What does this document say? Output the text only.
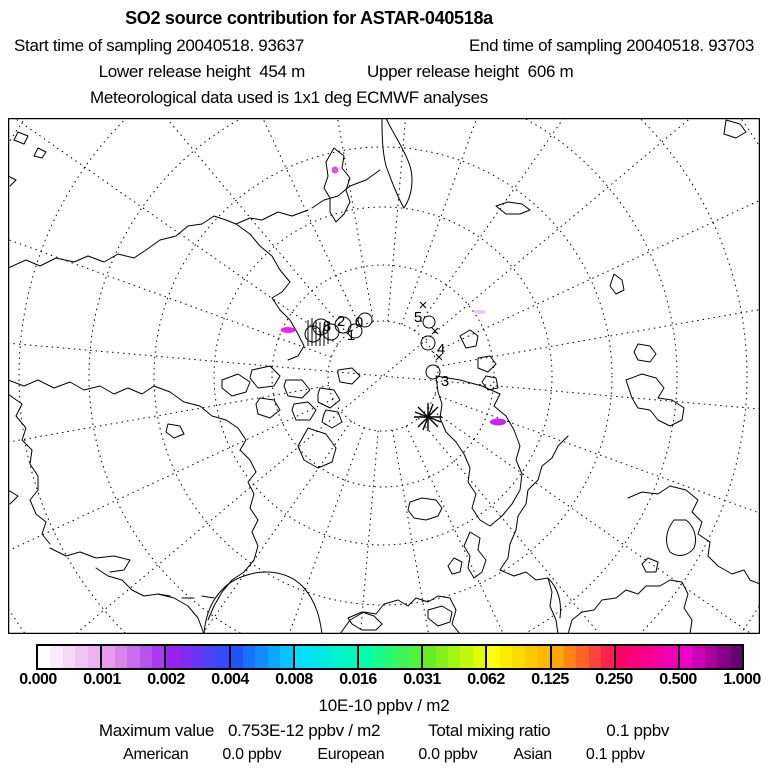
SO2 source contribution for ASTAR-040518a
Start time of sampling 20040518. 93637	End time of sampling 20040518. 93703
Lower release height  454 m	Upper release height  606 m
Meteorological data used is 1x1 deg ECMWF analyses
3
4
5
8 2
1
0
0.000 0.001 0.002 0.004 0.008 0.016 0.031 0.062 0.125 0.250 0.500 1.000
10E-10 ppbv / m2
Maximum value 0.753E-12 ppbv / m2	Total mixing ratio	0.1 ppbv
American 0.0 ppbv European 0.0 ppbv Asian 0.1 ppbv
